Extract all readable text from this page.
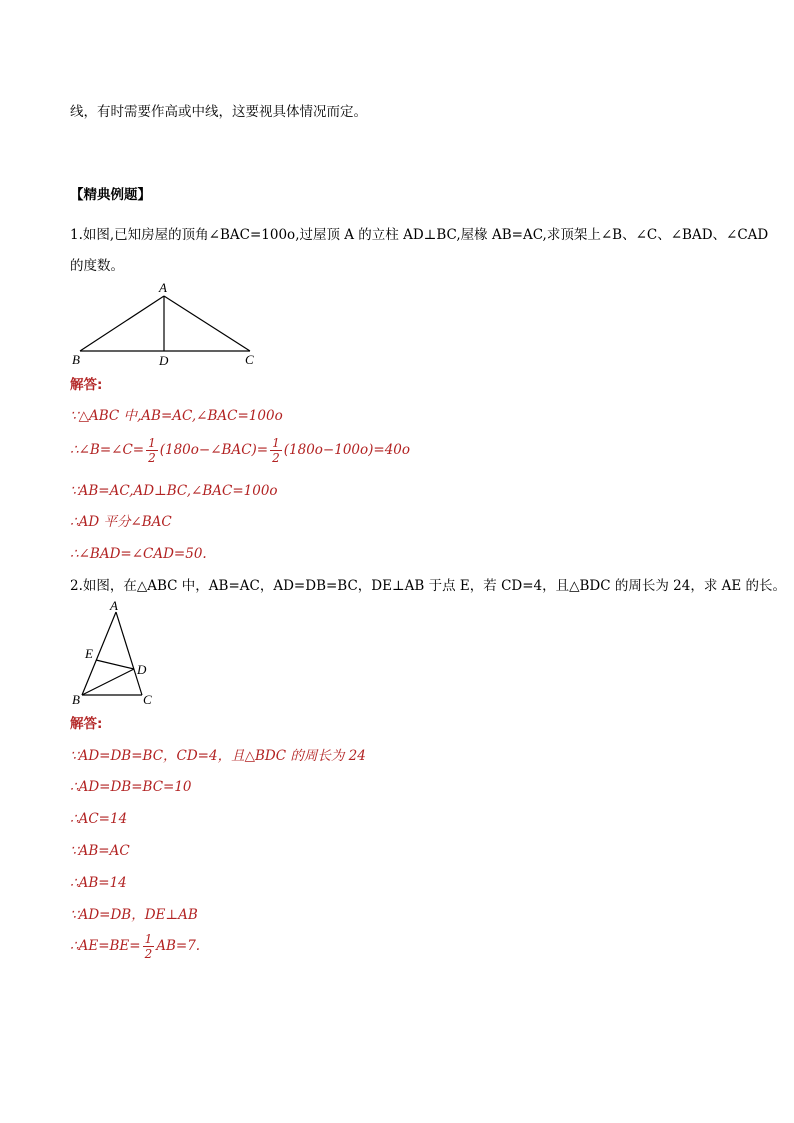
线，有时需要作高或中线，这要视具体情况而定。
【精典例题】
1.如图,已知房屋的顶角∠BAC=100o,过屋顶 A 的立柱 AD⊥BC,屋椽 AB=AC,求顶架上∠B、∠C、∠BAD、∠CAD
的度数。
A
B	D	C
解答:
∵△ABC 中,AB=AC,∠BAC=100o
∴∠B=∠C= $\frac{1}{2}$ (180o−∠BAC)= $\frac{1}{2} (180o-100o)=40o$
∵AB=AC,AD⊥BC,∠BAC=100o
∴AD 平分∠BAC
∴∠BAD=∠CAD=50.
2.如图，在△ABC 中，AB=AC，AD=DB=BC，DE⊥AB 于点 E，若 CD=4，且△BDC 的周长为 24，求 AE 的长。
A
E
D
B	C
解答:
∵AD=DB=BC，CD=4，且△BDC 的周长为 24
∴AD=DB=BC=10
∴AC=14
∵AB=AC
∴AB=14
∵AD=DB，DE⊥AB
∴AE=BE= $\frac{1}{2} AB=7$.
